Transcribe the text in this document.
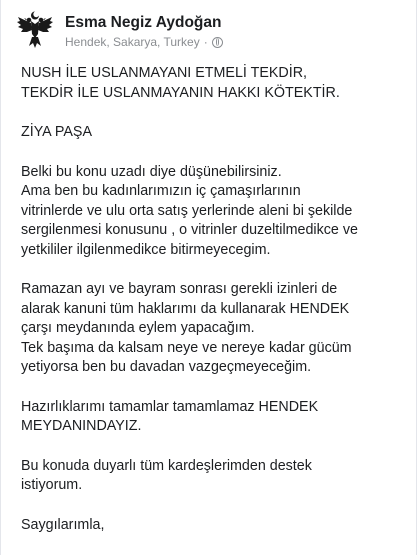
Esma Negiz Aydoğan
Hendek, Sakarya, Turkey ·
NUSH İLE USLANMAYANI ETMELİ TEKDİR,
TEKDİR İLE USLANMAYANIN HAKKI KÖTEKTİR.
ZİYA PAŞA
Belki bu konu uzadı diye düşünebilirsiniz.
Ama ben bu kadınlarımızın iç çamaşırlarının
vitrinlerde ve ulu orta satış yerlerinde aleni bi şekilde
sergilenmesi konusunu , o vitrinler duzeltilmedikce ve
yetkililer ilgilenmedikce bitirmeyecegim.
Ramazan ayı ve bayram sonrası gerekli izinleri de
alarak kanuni tüm haklarımı da kullanarak HENDEK
çarşı meydanında eylem yapacağım.
Tek başıma da kalsam neye ve nereye kadar gücüm
yetiyorsa ben bu davadan vazgeçmeyeceğim.
Hazırlıklarımı tamamlar tamamlamaz HENDEK
MEYDANINDAYIZ.
Bu konuda duyarlı tüm kardeşlerimden destek
istiyorum.
Saygılarımla,
